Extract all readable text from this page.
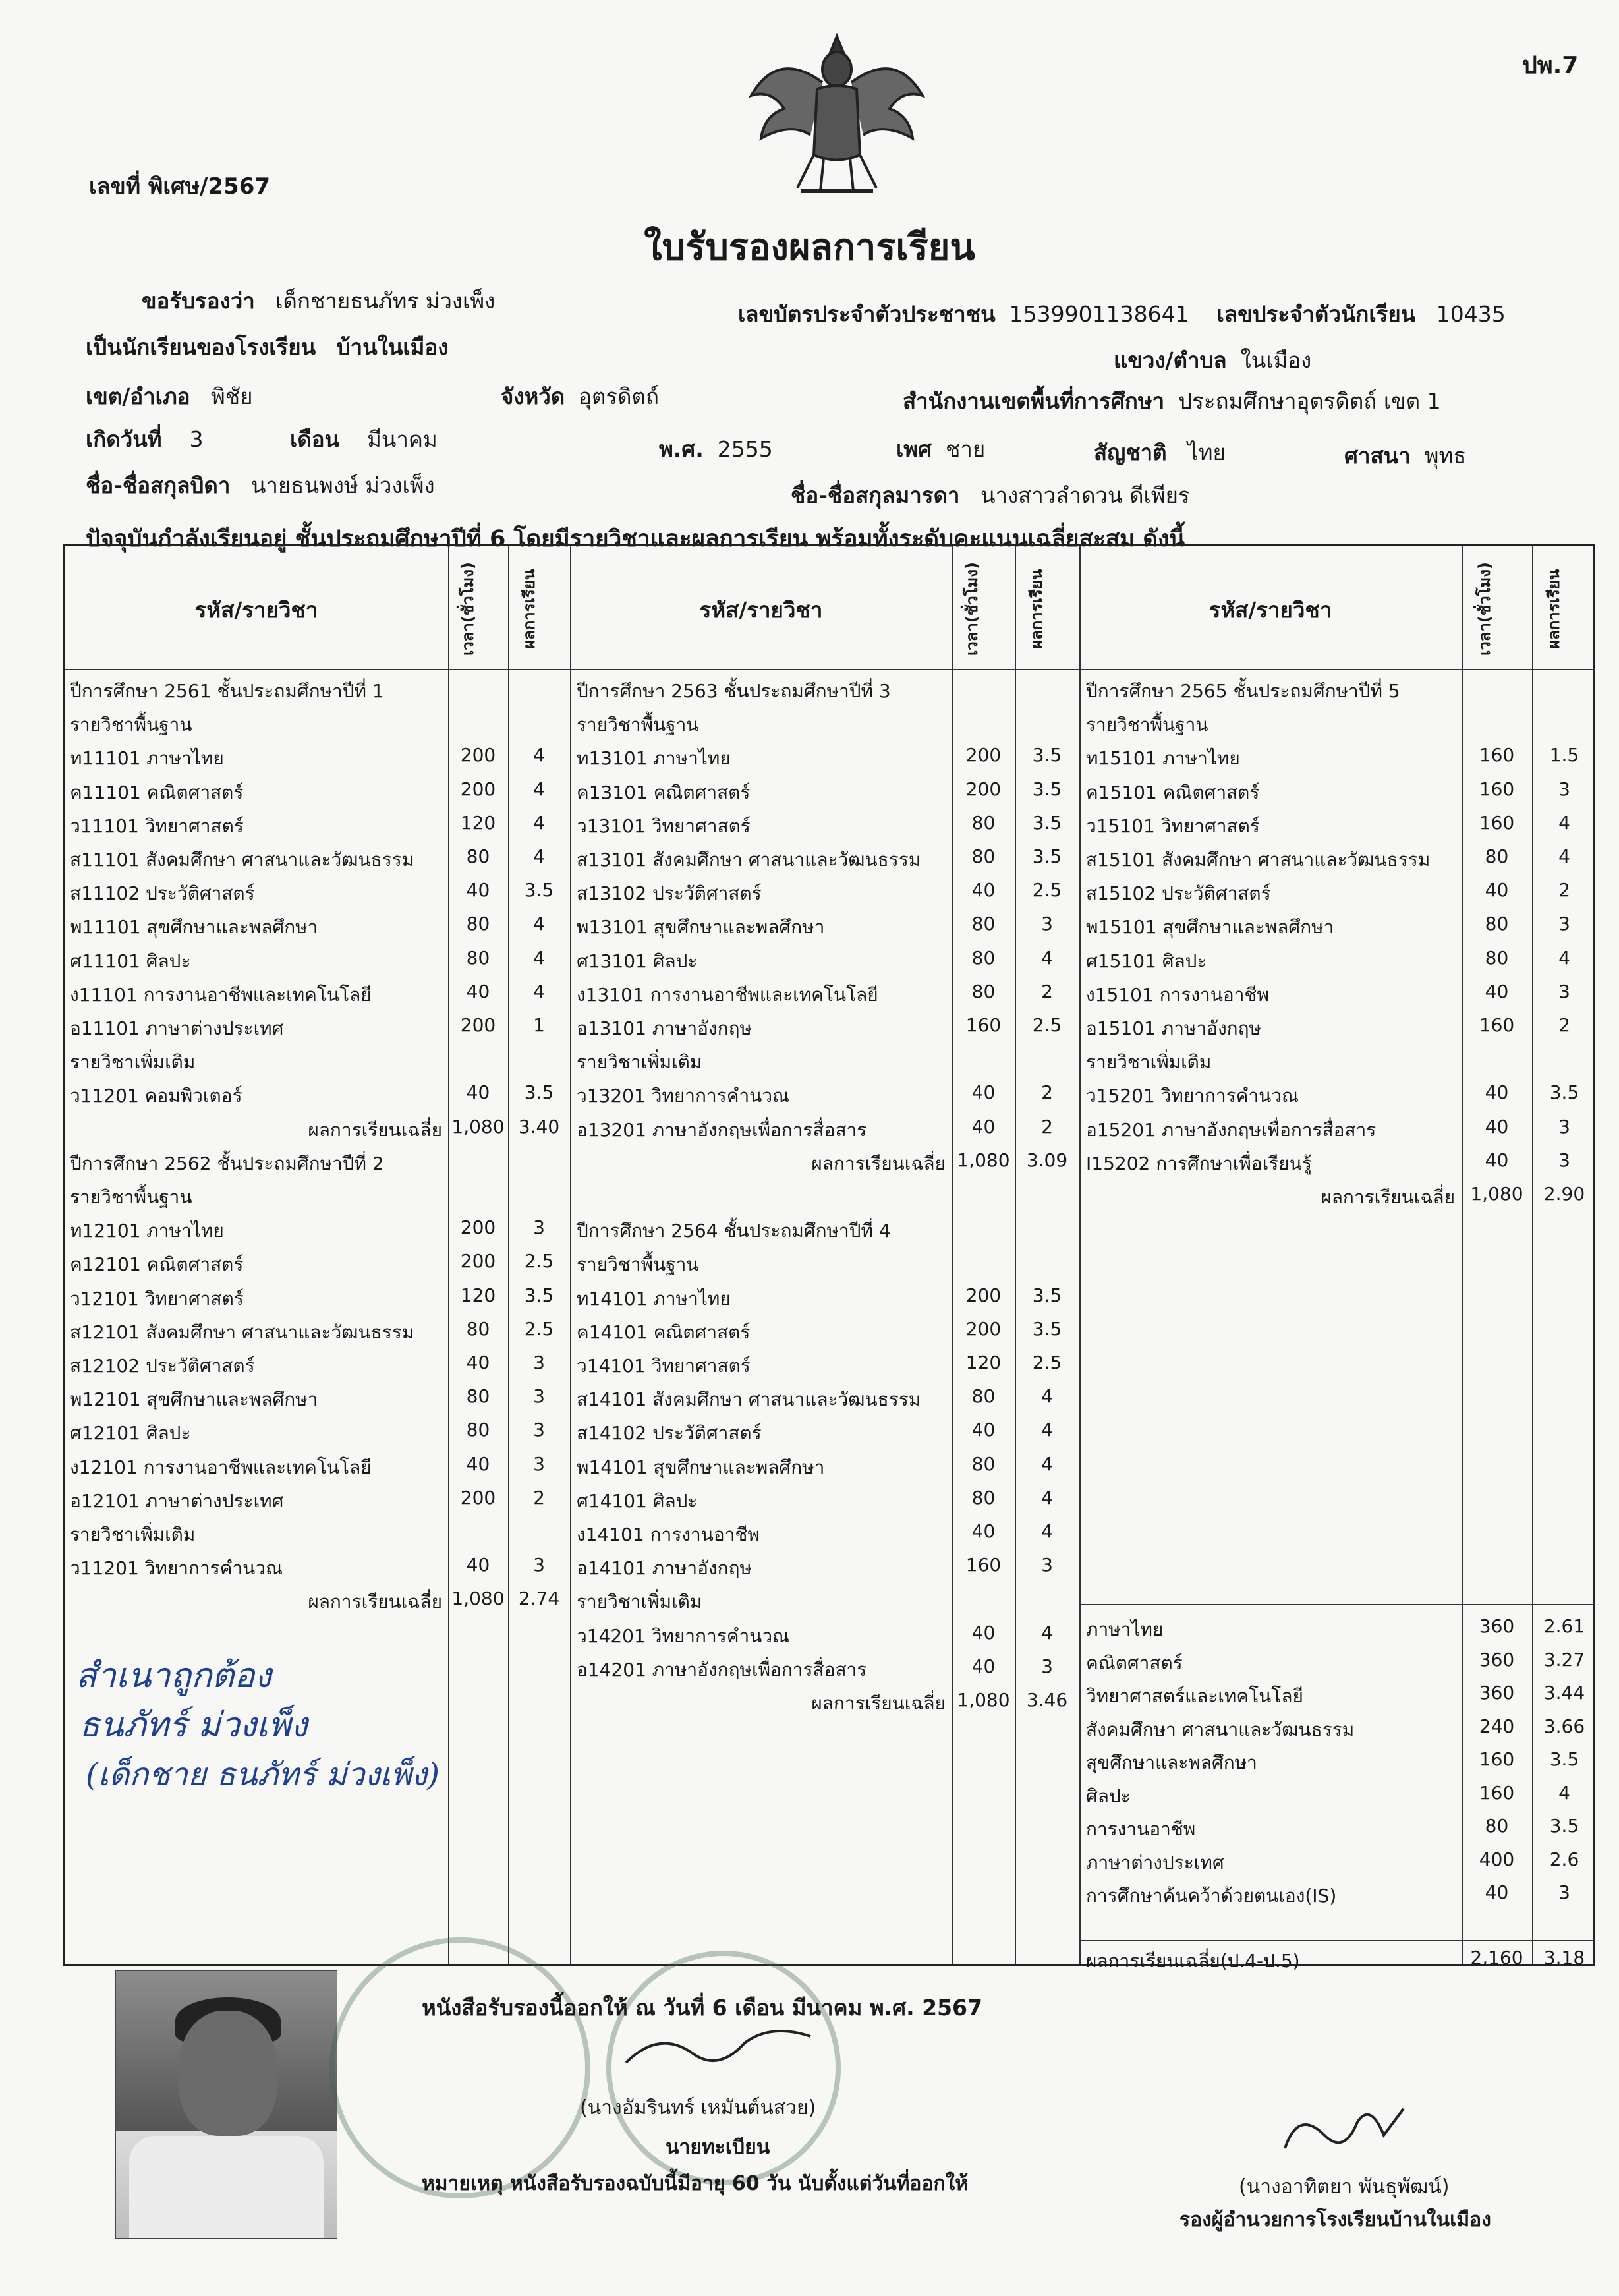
ปพ.7
เลขที่ พิเศษ/2567
ใบรับรองผลการเรียน
ขอรับรองว่า เด็กชายธนภัทร ม่วงเพ็ง
เลขบัตรประจำตัวประชาชน 1539901138641 เลขประจำตัวนักเรียน 10435
เป็นนักเรียนของโรงเรียน บ้านในเมือง
แขวง/ตำบล ในเมือง
เขต/อำเภอ พิชัย	จังหวัด อุตรดิตถ์	สำนักงานเขตพื้นที่การศึกษา ประถมศึกษาอุตรดิตถ์ เขต 1
เกิดวันที่ 3	เดือน มีนาคม	พ.ศ. 2555	เพศ ชาย	สัญชาติ ไทย	ศาสนา พุทธ
ชื่อ-ชื่อสกุลบิดา นายธนพงษ์ ม่วงเพ็ง	ชื่อ-ชื่อสกุลมารดา นางสาวลำดวน ดีเพียร
ปัจจุบันกำลังเรียนอยู่ ชั้นประถมศึกษาปีที่ 6 โดยมีรายวิชาและผลการเรียน พร้อมทั้งระดับคะแนนเฉลี่ยสะสม ดังนี้
รหัส/รายวิชา	เวลา(ชั่วโมง)	ผลการเรียน	รหัส/รายวิชา	เวลา(ชั่วโมง)	ผลการเรียน	รหัส/รายวิชา	เวลา(ชั่วโมง)	ผลการเรียน
ปีการศึกษา 2561 ชั้นประถมศึกษาปีที่ 1
รายวิชาพื้นฐาน
ท11101 ภาษาไทย	200	4
ค11101 คณิตศาสตร์	200	4
ว11101 วิทยาศาสตร์	120	4
ส11101 สังคมศึกษา ศาสนาและวัฒนธรรม	80	4
ส11102 ประวัติศาสตร์	40	3.5
พ11101 สุขศึกษาและพลศึกษา	80	4
ศ11101 ศิลปะ	80	4
ง11101 การงานอาชีพและเทคโนโลยี	40	4
อ11101 ภาษาต่างประเทศ	200	1
รายวิชาเพิ่มเติม
ว11201 คอมพิวเตอร์	40	3.5
ผลการเรียนเฉลี่ย 1,080 3.40
ปีการศึกษา 2562 ชั้นประถมศึกษาปีที่ 2
รายวิชาพื้นฐาน
ท12101 ภาษาไทย	200	3
ค12101 คณิตศาสตร์	200	2.5
ว12101 วิทยาศาสตร์	120	3.5
ส12101 สังคมศึกษา ศาสนาและวัฒนธรรม	80	2.5
ส12102 ประวัติศาสตร์	40	3
พ12101 สุขศึกษาและพลศึกษา	80	3
ศ12101 ศิลปะ	80	3
ง12101 การงานอาชีพและเทคโนโลยี	40	3
อ12101 ภาษาต่างประเทศ	200	2
รายวิชาเพิ่มเติม
ว11201 วิทยาการคำนวณ	40	3
ผลการเรียนเฉลี่ย 1,080 2.74
ปีการศึกษา 2563 ชั้นประถมศึกษาปีที่ 3
รายวิชาพื้นฐาน
ท13101 ภาษาไทย	200	3.5
ค13101 คณิตศาสตร์	200	3.5
ว13101 วิทยาศาสตร์	80	3.5
ส13101 สังคมศึกษา ศาสนาและวัฒนธรรม	80	3.5
ส13102 ประวัติศาสตร์	40	2.5
พ13101 สุขศึกษาและพลศึกษา	80	3
ศ13101 ศิลปะ	80	4
ง13101 การงานอาชีพและเทคโนโลยี	80	2
อ13101 ภาษาอังกฤษ	160	2.5
รายวิชาเพิ่มเติม
ว13201 วิทยาการคำนวณ	40	2
อ13201 ภาษาอังกฤษเพื่อการสื่อสาร	40	2
ผลการเรียนเฉลี่ย 1,080 3.09
ปีการศึกษา 2564 ชั้นประถมศึกษาปีที่ 4
รายวิชาพื้นฐาน
ท14101 ภาษาไทย	200	3.5
ค14101 คณิตศาสตร์	200	3.5
ว14101 วิทยาศาสตร์	120	2.5
ส14101 สังคมศึกษา ศาสนาและวัฒนธรรม	80	4
ส14102 ประวัติศาสตร์	40	4
พ14101 สุขศึกษาและพลศึกษา	80	4
ศ14101 ศิลปะ	80	4
ง14101 การงานอาชีพ	40	4
อ14101 ภาษาอังกฤษ	160	3
รายวิชาเพิ่มเติม
ว14201 วิทยาการคำนวณ	40	4
อ14201 ภาษาอังกฤษเพื่อการสื่อสาร	40	3
ผลการเรียนเฉลี่ย 1,080 3.46
ปีการศึกษา 2565 ชั้นประถมศึกษาปีที่ 5
รายวิชาพื้นฐาน
ท15101 ภาษาไทย	160	1.5
ค15101 คณิตศาสตร์	160	3
ว15101 วิทยาศาสตร์	160	4
ส15101 สังคมศึกษา ศาสนาและวัฒนธรรม	80	4
ส15102 ประวัติศาสตร์	40	2
พ15101 สุขศึกษาและพลศึกษา	80	3
ศ15101 ศิลปะ	80	4
ง15101 การงานอาชีพ	40	3
อ15101 ภาษาอังกฤษ	160	2
รายวิชาเพิ่มเติม
ว15201 วิทยาการคำนวณ	40	3.5
อ15201 ภาษาอังกฤษเพื่อการสื่อสาร	40	3
I15202 การศึกษาเพื่อเรียนรู้	40	3
ผลการเรียนเฉลี่ย 1,080	2.90
ภาษาไทย	360	2.61
คณิตศาสตร์	360	3.27
วิทยาศาสตร์และเทคโนโลยี	360	3.44
สังคมศึกษา ศาสนาและวัฒนธรรม	240	3.66
สุขศึกษาและพลศึกษา	160	3.5
ศิลปะ	160	4
การงานอาชีพ	80	3.5
ภาษาต่างประเทศ	400	2.6
การศึกษาค้นคว้าด้วยตนเอง(IS)	40	3
ผลการเรียนเฉลี่ย(ป.4-ป.5)	2,160	3.18
สำเนาถูกต้อง
ธนภัทร์ ม่วงเพ็ง
(เด็กชาย ธนภัทร์ ม่วงเพ็ง)
หนังสือรับรองนี้ออกให้ ณ วันที่ 6 เดือน มีนาคม พ.ศ. 2567
(นางอัมรินทร์ เหมันต์นสวย)
นายทะเบียน
หมายเหตุ หนังสือรับรองฉบับนี้มีอายุ 60 วัน นับตั้งแต่วันที่ออกให้	(นางอาทิตยา พันธุพัฒน์)
รองผู้อำนวยการโรงเรียนบ้านในเมือง
